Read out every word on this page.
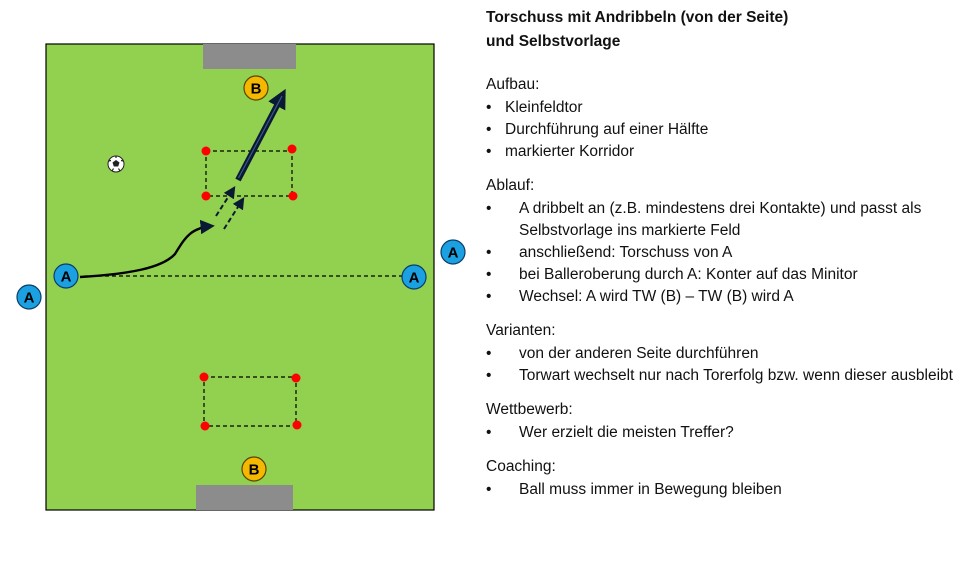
B
B
A
A
A
A
Torschuss mit Andribbeln (von der Seite)
und Selbstvorlage
Aufbau:
• Kleinfeldtor
• Durchführung auf einer Hälfte
• markierter Korridor
Ablauf:
• A dribbelt an (z.B. mindestens drei Kontakte) und passt als Selbstvorlage ins markierte Feld
• anschließend: Torschuss von A
• bei Balleroberung durch A: Konter auf das Minitor
• Wechsel: A wird TW (B) – TW (B) wird A
Varianten:
• von der anderen Seite durchführen
• Torwart wechselt nur nach Torerfolg bzw. wenn dieser ausbleibt
Wettbewerb:
• Wer erzielt die meisten Treffer?
Coaching:
• Ball muss immer in Bewegung bleiben
